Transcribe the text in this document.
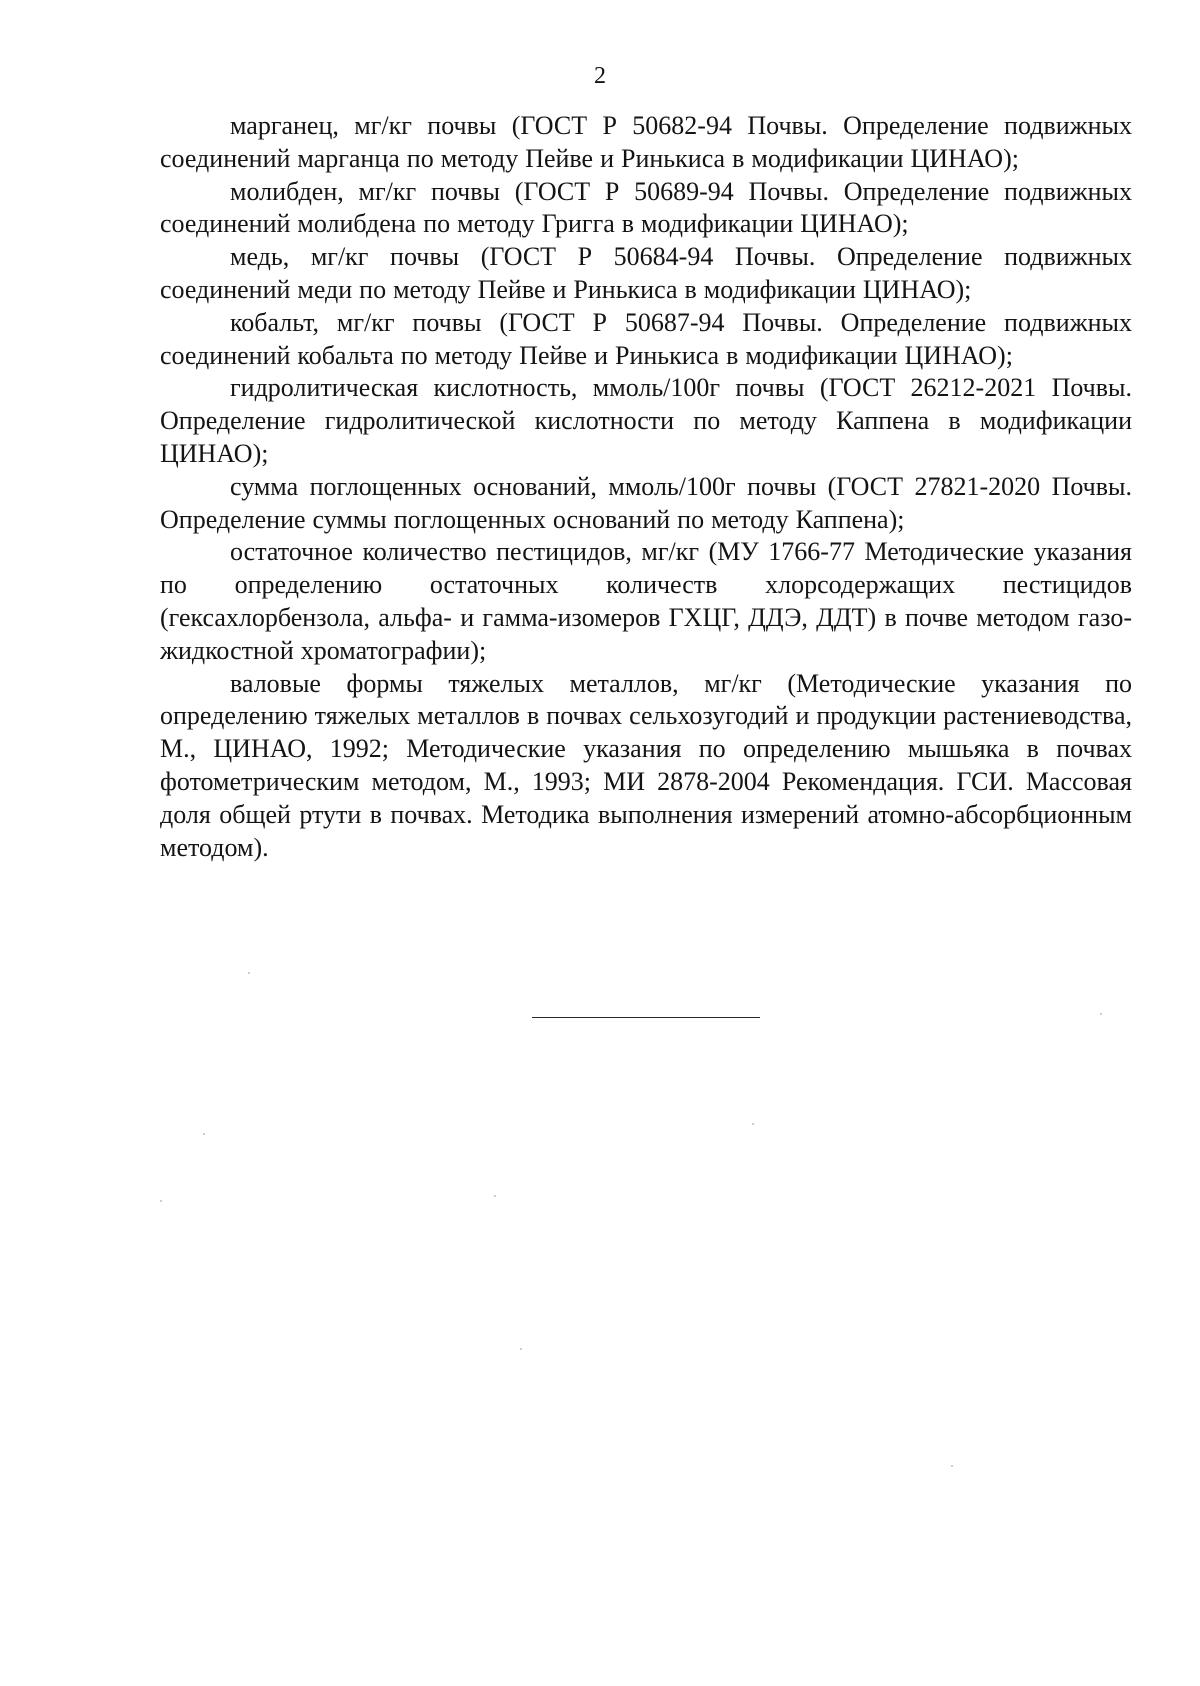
2

марганец, мг/кг почвы (ГОСТ Р 50682-94 Почвы. Определение подвижных соединений марганца по методу Пейве и Ринькиса в модификации ЦИНАО);

молибден, мг/кг почвы (ГОСТ Р 50689-94 Почвы. Определение подвижных соединений молибдена по методу Григга в модификации ЦИНАО);

медь, мг/кг почвы (ГОСТ Р 50684-94 Почвы. Определение подвижных соединений меди по методу Пейве и Ринькиса в модификации ЦИНАО);

кобальт, мг/кг почвы (ГОСТ Р 50687-94 Почвы. Определение подвижных соединений кобальта по методу Пейве и Ринькиса в модификации ЦИНАО);

гидролитическая кислотность, ммоль/100г почвы (ГОСТ 26212-2021 Почвы. Определение гидролитической кислотности по методу Каппена в модификации ЦИНАО);

сумма поглощенных оснований, ммоль/100г почвы (ГОСТ 27821-2020 Почвы. Определение суммы поглощенных оснований по методу Каппена);

остаточное количество пестицидов, мг/кг (МУ 1766-77 Методические указания по определению остаточных количеств хлорсодержащих пестицидов (гексахлорбензола, альфа- и гамма-изомеров ГХЦГ, ДДЭ, ДДТ) в почве методом газо-жидкостной хроматографии);

валовые формы тяжелых металлов, мг/кг (Методические указания по определению тяжелых металлов в почвах сельхозугодий и продукции растениеводства, М., ЦИНАО, 1992; Методические указания по определению мышьяка в почвах фотометрическим методом, М., 1993; МИ 2878-2004 Рекомендация. ГСИ. Массовая доля общей ртути в почвах. Методика выполнения измерений атомно-абсорбционным методом).
